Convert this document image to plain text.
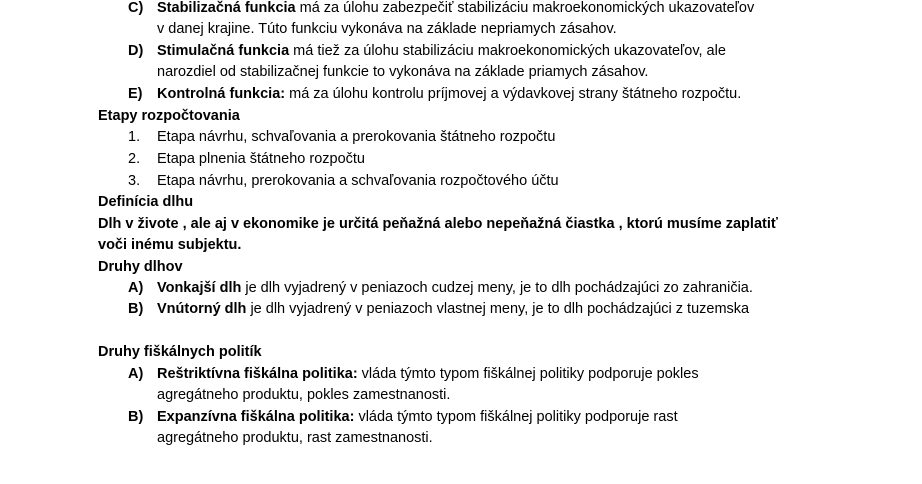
C) Stabilizačná funkcia má za úlohu zabezpečiť stabilizáciu makroekonomických ukazovateľov
v danej krajine. Túto funkciu vykonáva na základe nepriamych zásahov.
D) Stimulačná funkcia má tiež za úlohu stabilizáciu makroekonomických ukazovateľov, ale
narozdiel od stabilizačnej funkcie to vykonáva na základe priamych zásahov.
E) Kontrolná funkcia: má za úlohu kontrolu príjmovej a výdavkovej strany štátneho rozpočtu.
Etapy rozpočtovania
1. Etapa návrhu, schvaľovania a prerokovania štátneho rozpočtu
2. Etapa plnenia štátneho rozpočtu
3. Etapa návrhu, prerokovania a schvaľovania rozpočtového účtu
Definícia dlhu
Dlh v živote , ale aj v ekonomike je určitá peňažná alebo nepeňažná čiastka , ktorú musíme zaplatiť
voči inému subjektu.
Druhy dlhov
A) Vonkajší dlh je dlh vyjadrený v peniazoch cudzej meny, je to dlh pochádzajúci zo zahraničia.
B) Vnútorný dlh je dlh vyjadrený v peniazoch vlastnej meny, je to dlh pochádzajúci z tuzemska
Druhy fiškálnych politík
A) Reštriktívna fiškálna politika: vláda týmto typom fiškálnej politiky podporuje pokles
agregátneho produktu, pokles zamestnanosti.
B) Expanzívna fiškálna politika: vláda týmto typom fiškálnej politiky podporuje rast
agregátneho produktu, rast zamestnanosti.
